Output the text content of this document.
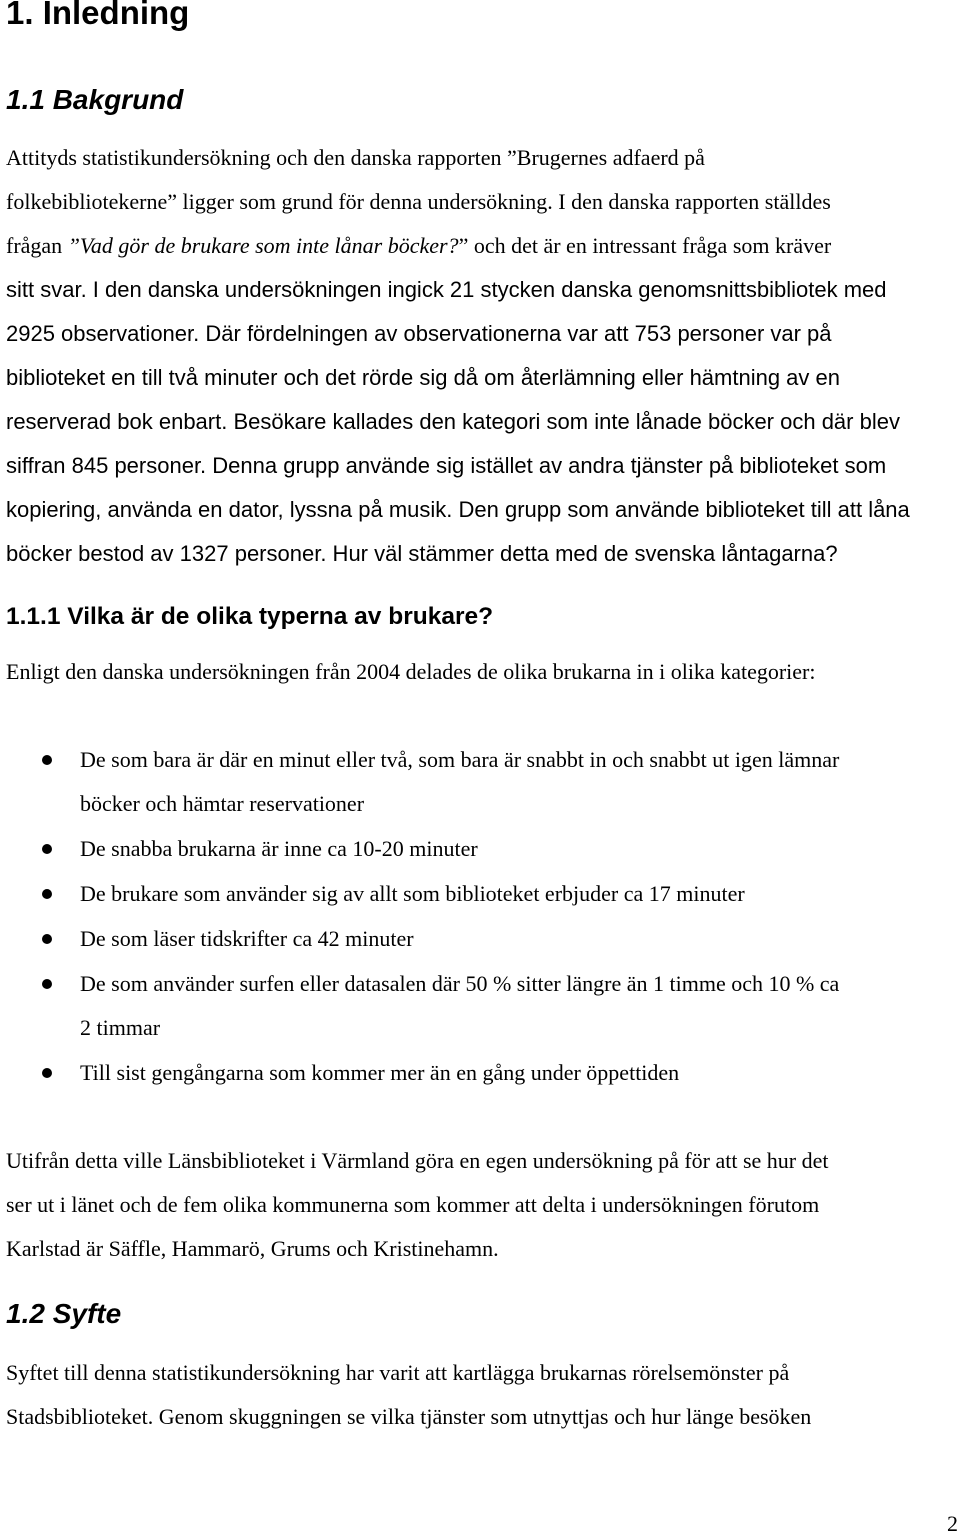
1. Inledning
1.1 Bakgrund
Attityds statistikundersökning och den danska rapporten ”Brugernes adfaerd på
folkebibliotekerne” ligger som grund för denna undersökning. I den danska rapporten ställdes
frågan ”Vad gör de brukare som inte lånar böcker?” och det är en intressant fråga som kräver
sitt svar. I den danska undersökningen ingick 21 stycken danska genomsnittsbibliotek med
2925 observationer. Där fördelningen av observationerna var att 753 personer var på
biblioteket en till två minuter och det rörde sig då om återlämning eller hämtning av en
reserverad bok enbart. Besökare kallades den kategori som inte lånade böcker och där blev
siffran 845 personer. Denna grupp använde sig istället av andra tjänster på biblioteket som
kopiering, använda en dator, lyssna på musik. Den grupp som använde biblioteket till att låna
böcker bestod av 1327 personer. Hur väl stämmer detta med de svenska låntagarna?
1.1.1 Vilka är de olika typerna av brukare?
Enligt den danska undersökningen från 2004 delades de olika brukarna in i olika kategorier:
De som bara är där en minut eller två, som bara är snabbt in och snabbt ut igen lämnar
böcker och hämtar reservationer
De snabba brukarna är inne ca 10-20 minuter
De brukare som använder sig av allt som biblioteket erbjuder ca 17 minuter
De som läser tidskrifter ca 42 minuter
De som använder surfen eller datasalen där 50 % sitter längre än 1 timme och 10 % ca
2 timmar
Till sist gengångarna som kommer mer än en gång under öppettiden
Utifrån detta ville Länsbiblioteket i Värmland göra en egen undersökning på för att se hur det
ser ut i länet och de fem olika kommunerna som kommer att delta i undersökningen förutom
Karlstad är Säffle, Hammarö, Grums och Kristinehamn.
1.2 Syfte
Syftet till denna statistikundersökning har varit att kartlägga brukarnas rörelsemönster på
Stadsbiblioteket. Genom skuggningen se vilka tjänster som utnyttjas och hur länge besöken
2
